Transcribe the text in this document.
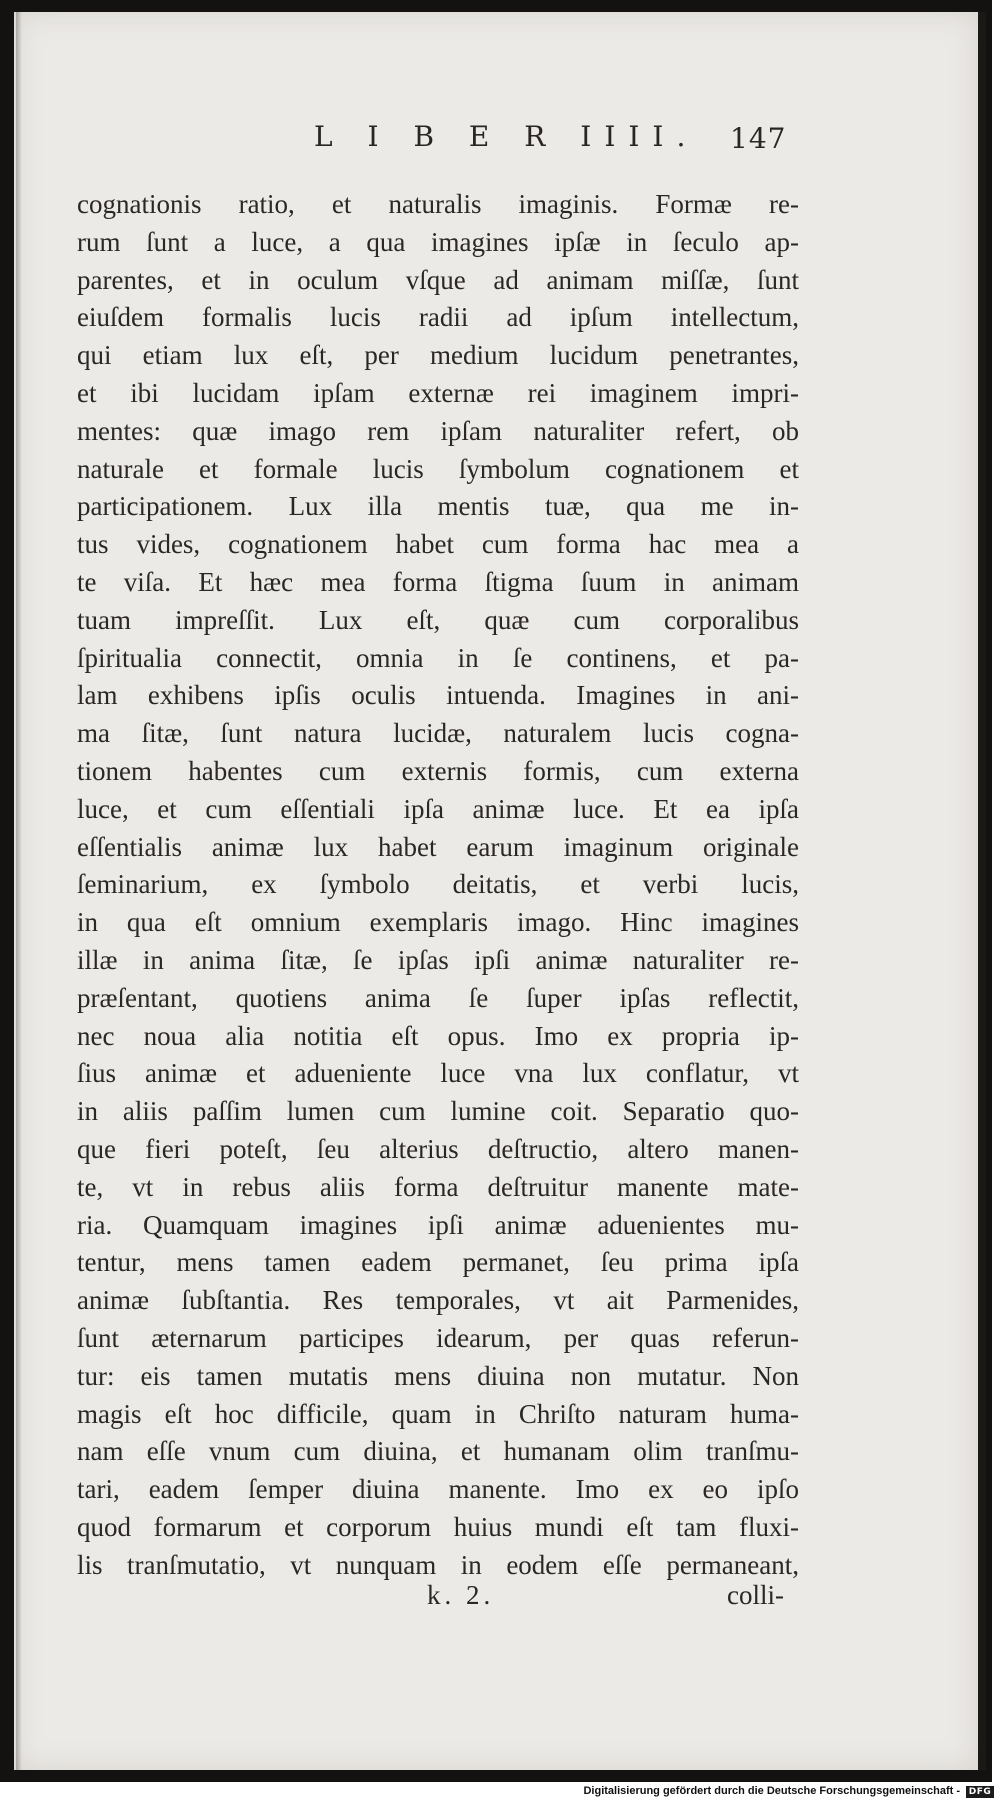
L I B E R IIII. 147
cognationis ratio, et naturalis imaginis. Formæ re-
rum ſunt a luce, a qua imagines ipſæ in ſeculo ap-
parentes, et in oculum vſque ad animam miſſæ, ſunt
eiuſdem formalis lucis radii ad ipſum intellectum,
qui etiam lux eſt, per medium lucidum penetrantes,
et ibi lucidam ipſam externæ rei imaginem impri-
mentes: quæ imago rem ipſam naturaliter refert, ob
naturale et formale lucis ſymbolum cognationem et
participationem. Lux illa mentis tuæ, qua me in-
tus vides, cognationem habet cum forma hac mea a
te viſa. Et hæc mea forma ſtigma ſuum in animam
tuam impreſſit. Lux eſt, quæ cum corporalibus
ſpiritualia connectit, omnia in ſe continens, et pa-
lam exhibens ipſis oculis intuenda. Imagines in ani-
ma ſitæ, ſunt natura lucidæ, naturalem lucis cogna-
tionem habentes cum externis formis, cum externa
luce, et cum eſſentiali ipſa animæ luce. Et ea ipſa
eſſentialis animæ lux habet earum imaginum originale
ſeminarium, ex ſymbolo deitatis, et verbi lucis,
in qua eſt omnium exemplaris imago. Hinc imagines
illæ in anima ſitæ, ſe ipſas ipſi animæ naturaliter re-
præſentant, quotiens anima ſe ſuper ipſas reflectit,
nec noua alia notitia eſt opus. Imo ex propria ip-
ſius animæ et adueniente luce vna lux conflatur, vt
in aliis paſſim lumen cum lumine coit. Separatio quo-
que fieri poteſt, ſeu alterius deſtructio, altero manen-
te, vt in rebus aliis forma deſtruitur manente mate-
ria. Quamquam imagines ipſi animæ aduenientes mu-
tentur, mens tamen eadem permanet, ſeu prima ipſa
animæ ſubſtantia. Res temporales, vt ait Parmenides,
ſunt æternarum participes idearum, per quas referun-
tur: eis tamen mutatis mens diuina non mutatur. Non
magis eſt hoc difficile, quam in Chriſto naturam huma-
nam eſſe vnum cum diuina, et humanam olim tranſmu-
tari, eadem ſemper diuina manente. Imo ex eo ipſo
quod formarum et corporum huius mundi eſt tam fluxi-
lis tranſmutatio, vt nunquam in eodem eſſe permaneant,
k. 2.	colli-
Digitalisierung gefördert durch die Deutsche Forschungsgemeinschaft - DFG
